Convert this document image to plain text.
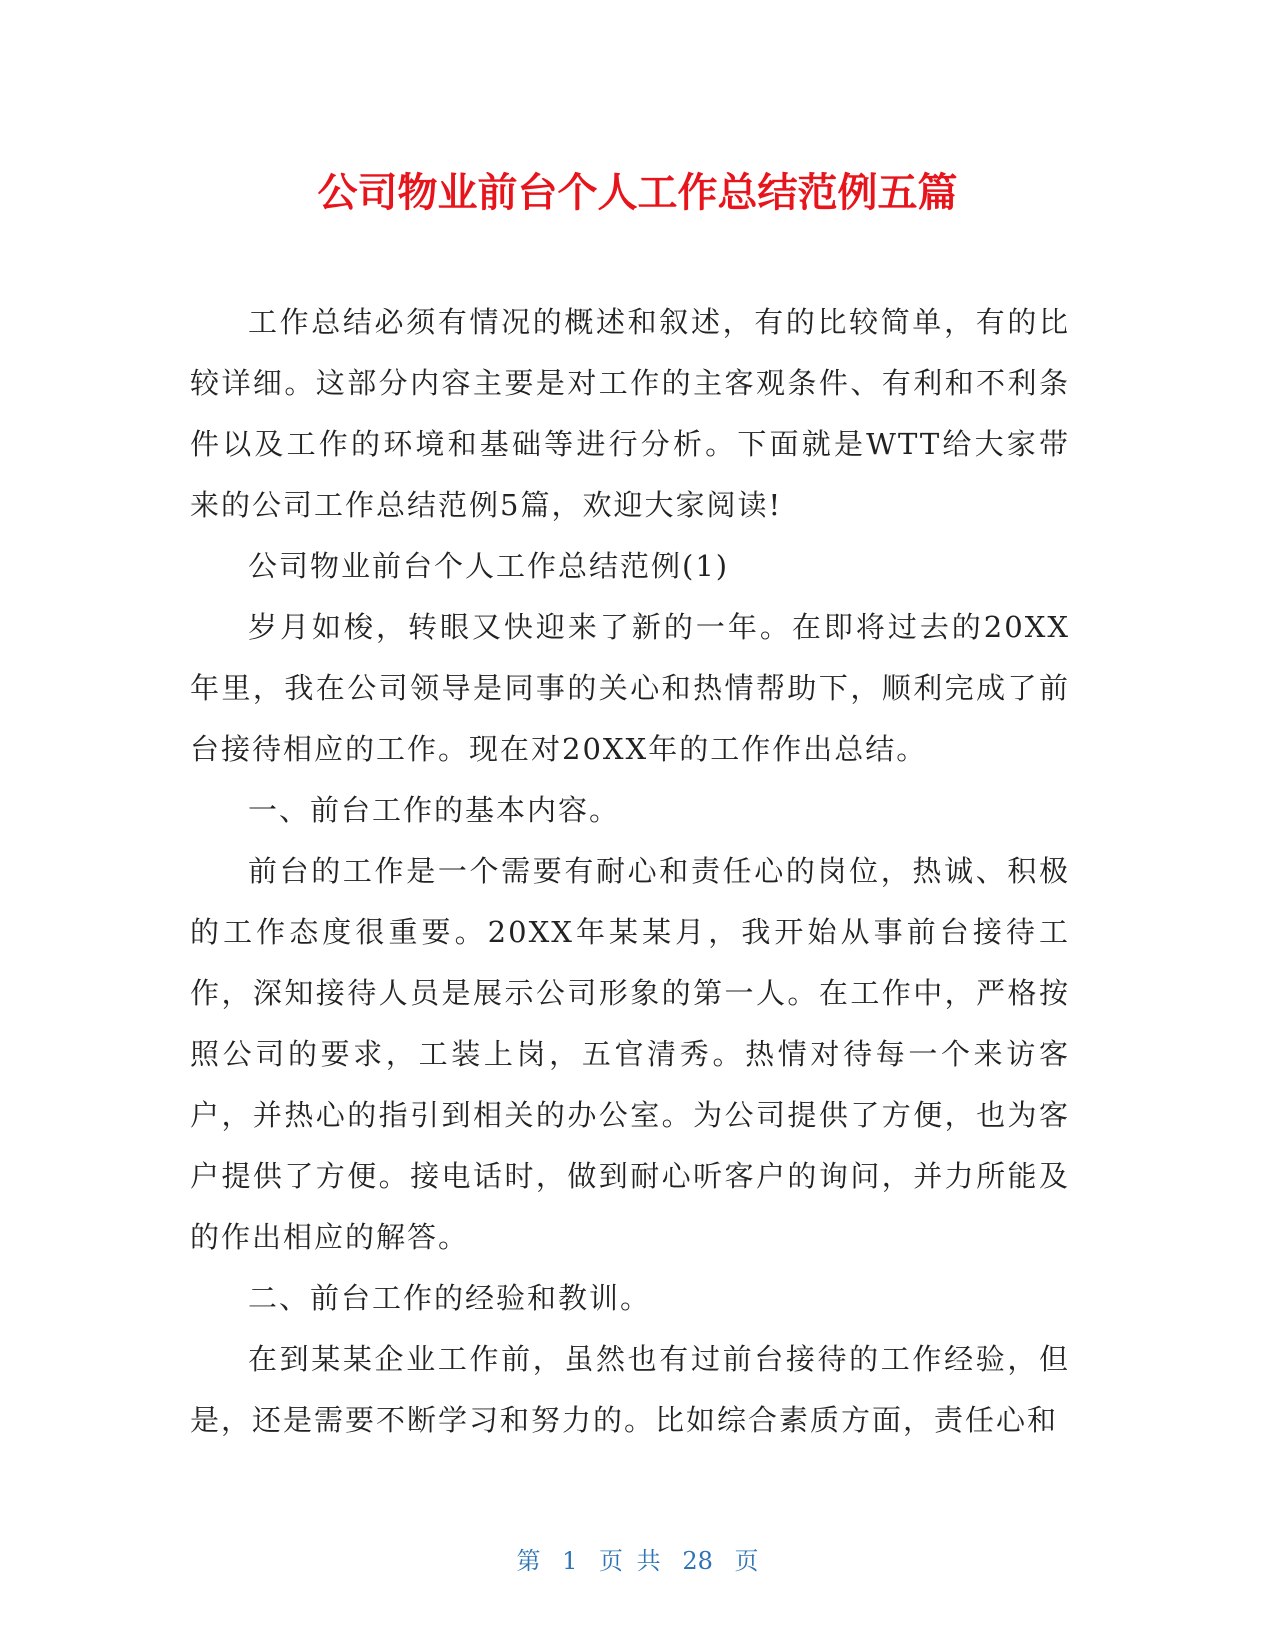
公司物业前台个人工作总结范例五篇

工作总结必须有情况的概述和叙述，有的比较简单，有的比较详细。这部分内容主要是对工作的主客观条件、有利和不利条件以及工作的环境和基础等进行分析。下面就是WTT给大家带来的公司工作总结范例5篇，欢迎大家阅读!

公司物业前台个人工作总结范例(1)

岁月如梭，转眼又快迎来了新的一年。在即将过去的20XX年里，我在公司领导是同事的关心和热情帮助下，顺利完成了前台接待相应的工作。现在对20XX年的工作作出总结。

一、前台工作的基本内容。

前台的工作是一个需要有耐心和责任心的岗位，热诚、积极的工作态度很重要。20XX年某某月，我开始从事前台接待工作，深知接待人员是展示公司形象的第一人。在工作中，严格按照公司的要求，工装上岗，五官清秀。热情对待每一个来访客户，并热心的指引到相关的办公室。为公司提供了方便，也为客户提供了方便。接电话时，做到耐心听客户的询问，并力所能及的作出相应的解答。

二、前台工作的经验和教训。

在到某某企业工作前，虽然也有过前台接待的工作经验，但是，还是需要不断学习和努力的。比如综合素质方面，责任心和

第 1 页 共 28 页
